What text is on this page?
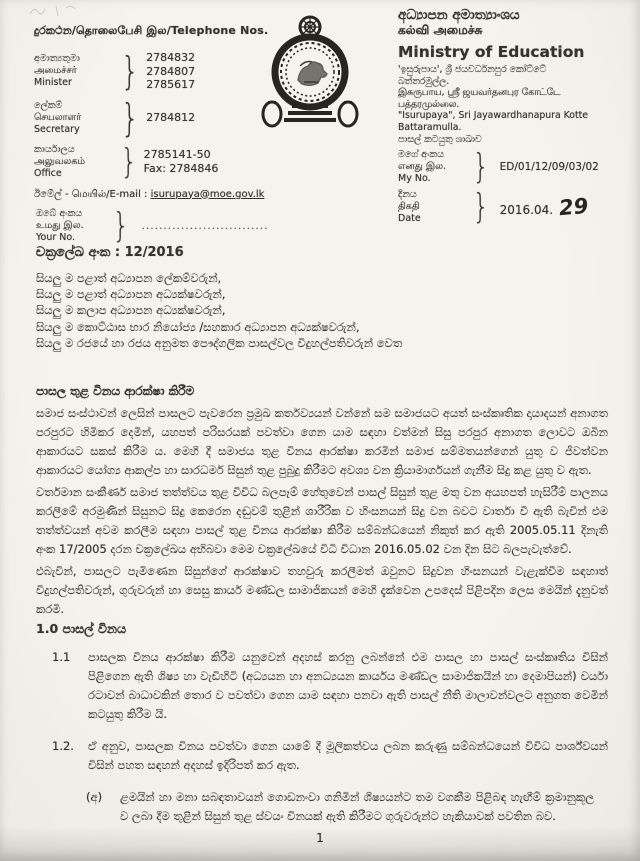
දුරකථන/தொலைபேசி இல/Telephone Nos.
අමාත්‍යතුමා
அமைச்சர்
Minister	} 2784832
2784807
2785617
ලේකම්
செயலாளர்
Secretary	} 2784812
කාර්යාලය
அலுவலகம்
Office	} 2785141-50
Fax: 2784846
ඊමේල් - மெயில்/E-mail : isurupaya@moe.gov.lk
අධ්‍යාපන අමාත්‍යාංශය
கல்வி அமைச்சு
Ministry of Education
'ඉසුරුපාය', ශ්‍රී ජයවර්ධනපුර කෝට්ටේ
බත්තරමුල්ල.
இசுருபாய, ஸ்ரீ ஜயவர்தனபுர கோட்டே
பத்தரமுல்லை.
"Isurupaya", Sri Jayawardhanapura Kotte
Battaramulla.
පාසල් කටයුතු ශාඛාව
මගේ අංකය
எனது இல.
My No.	} ED/01/12/09/03/02
දිනය
திகதி
Date	} 2016.04. 29
ඔබේ අංකය
உமது இல.
Your No.	} .............................
චක්‍රලේඛ අංක : 12/2016
සියලු ම පළාත් අධ්‍යාපන ලේකම්වරුන්,
සියලු ම පළාත් අධ්‍යාපන අධ්‍යක්ෂවරුන්,
සියලු ම කලාප අධ්‍යාපන අධ්‍යක්ෂවරුන්,
සියලු ම කොට්ඨාස භාර නියෝජ්‍ය /සහකාර අධ්‍යාපන අධ්‍යක්ෂවරුන්,
සියලු ම රජයේ හා රජය අනුමත පෞද්ගලික පාසල්වල විදුහල්පතිවරුන් වෙත
පාසල තුළ විනය ආරක්ෂා කිරීම
සමාජ සංස්ථාවන් ලෙසින් පාසලට පැවරෙන ප්‍රමුඛ කර්තව්‍යයන් වන්නේ සම සමාජයට අයත් සංස්කෘතික දායාදයන් අනාගත පරපුරට හිමිකර දෙමින්, යහපත් පරිසරයක් පවත්වා ගෙන යාම සඳහා වත්මන් සිසු පරපුර අනාගත ලොවට ඔබින ආකාරයට සකස් කිරීම ය. මෙහි දී සමාජය තුළ විනය ආරක්ෂා කරමින් සමාජ සම්මතයන්ගෙන් යුතු ව ජීවත්වන ආකාරයට යෝග්‍ය ආකල්ප හා සාරධර්ම සිසුන් තුළ පුබුදු කිරීමට අවශ්‍ය වන ක්‍රියාමාර්ගයන් ගැනීම සිදු කළ යුතු ව ඇත.
වර්තමාන සංකීර්ණ සමාජ තත්ත්වය තුළ විවිධ බලපෑම් හේතුවෙන් පාසල් සිසුන් තුළ මතු වන අයහපත් හැසිරීම් පාලනය කරලීමේ අරමුණින් සිසුනට සිදු කෙරෙන දඬුවම් තුළින් ශාරීරික ව හිංසනයන් සිදු වන බවට වාර්තා වී ඇති බැවින් එම තත්ත්වයන් අවම කරලීම සඳහා පාසල් තුළ විනය ආරක්ෂා කිරීම සම්බන්ධයෙන් නිකුත් කර ඇති 2005.05.11 දිනැති අංක 17/2005 දරන චක්‍රලේඛය අභිබවා මෙම චක්‍රලේඛයේ විධි විධාන 2016.05.02 වන දින සිට බලපැවැත්වේ.
එබැවින්, පාසලට පැමිණෙන සිසුන්ගේ ආරක්ෂාව තහවුරු කරලීමත් ඔවුනට සිදුවන හිංසනයන් වැළැක්වීම සඳහාත් විදුහල්පතිවරුන්, ගුරුවරුන් හා සෙසු කාර්ය මණ්ඩල සාමාජිකයන් මෙහි දැක්වෙන උපදෙස් පිළිපදින ලෙස මෙයින් දැනුවත් කරමි.
1.0 පාසල් විනය
1.1	පාසලක විනය ආරක්ෂා කිරීම යනුවෙන් අදහස් කරනු ලබන්නේ එම පාසල හා පාසල් සංස්කෘතිය විසින් පිළිගෙන ඇති ශිෂ්‍ය හා වැඩිහිටි (අධ්‍යයන හා අනධ්‍යයන කාර්යය මණ්ඩල සාමාජිකයින් හා දෙමාපියන්) චර්යා රටාවන් බාධාවකින් තොර ව පවත්වා ගෙන යාම සඳහා පනවා ඇති පාසල් නීති මාලාවන්වලට අනුගත වෙමින් කටයුතු කිරීම යි.
1.2.	ඒ අනුව, පාසලක විනය පවත්වා ගෙන යාමේ දී මූලිකත්වය ලබන කරුණු සම්බන්ධයෙන් විවිධ පාර්ශ්වයන් විසින් පහත සඳහන් අදහස් ඉදිරිපත් කර ඇත.
(අ)	ළමයින් හා මනා සබඳතාවයන් ගොඩනංවා ගනිමින් ශිෂ්‍යයන්ට තම වගකීම පිළිබඳ හැඟීම් ක්‍රමානුකූල ව ලබා දීම තුළින් සිසුන් තුළ ස්වයං විනයක් ඇති කිරීමට ගුරුවරුන්ට හැකියාවක් පවතින බව.
1
